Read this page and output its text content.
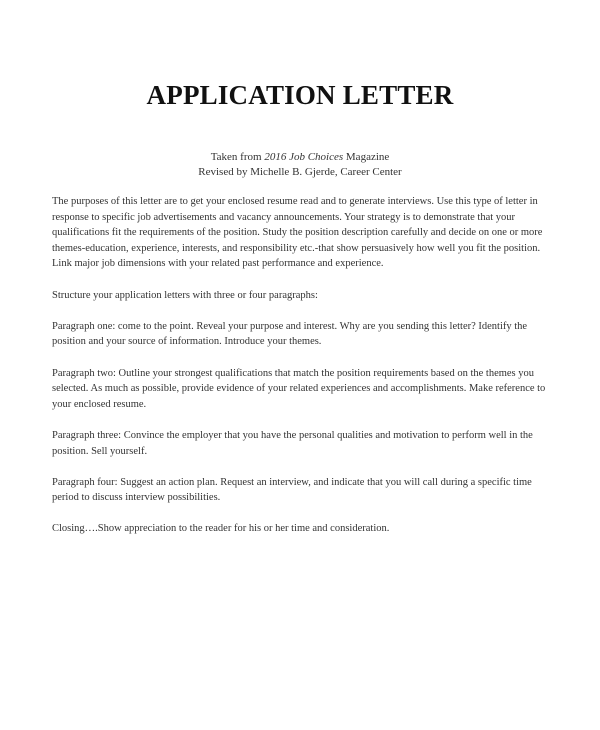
APPLICATION LETTER
Taken from 2016 Job Choices Magazine
Revised by Michelle B. Gjerde, Career Center

The purposes of this letter are to get your enclosed resume read and to generate interviews. Use this type of letter in response to specific job advertisements and vacancy announcements. Your strategy is to demonstrate that your qualifications fit the requirements of the position. Study the position description carefully and decide on one or more themes-education, experience, interests, and responsibility etc.-that show persuasively how well you fit the position. Link major job dimensions with your related past performance and experience.

Structure your application letters with three or four paragraphs:

Paragraph one: come to the point. Reveal your purpose and interest. Why are you sending this letter? Identify the position and your source of information. Introduce your themes.

Paragraph two: Outline your strongest qualifications that match the position requirements based on the themes you selected. As much as possible, provide evidence of your related experiences and accomplishments. Make reference to your enclosed resume.

Paragraph three: Convince the employer that you have the personal qualities and motivation to perform well in the position. Sell yourself.

Paragraph four: Suggest an action plan. Request an interview, and indicate that you will call during a specific time period to discuss interview possibilities.

Closing….Show appreciation to the reader for his or her time and consideration.
